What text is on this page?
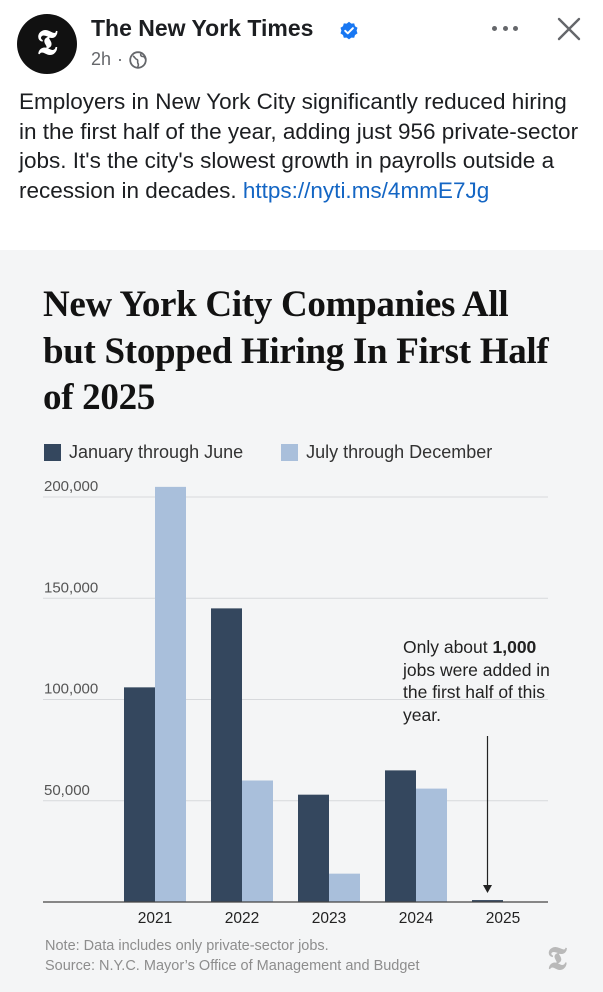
𝕿 The New York Times
2h ·
Employers in New York City significantly reduced hiring in the first half of the year, adding just 956 private-sector jobs. It's the city's slowest growth in payrolls outside a recession in decades. https://nyti.ms/4mmE7Jg
New York City Companies All but Stopped Hiring In First Half of 2025
January through June	July through December
50,000
100,000
150,000
200,000
2021	2022	2023	2024	2025
Only about 1,000 jobs were added in the first half of this year.
Note: Data includes only private-sector jobs.
Source: N.Y.C. Mayor’s Office of Management and Budget	𝕿
